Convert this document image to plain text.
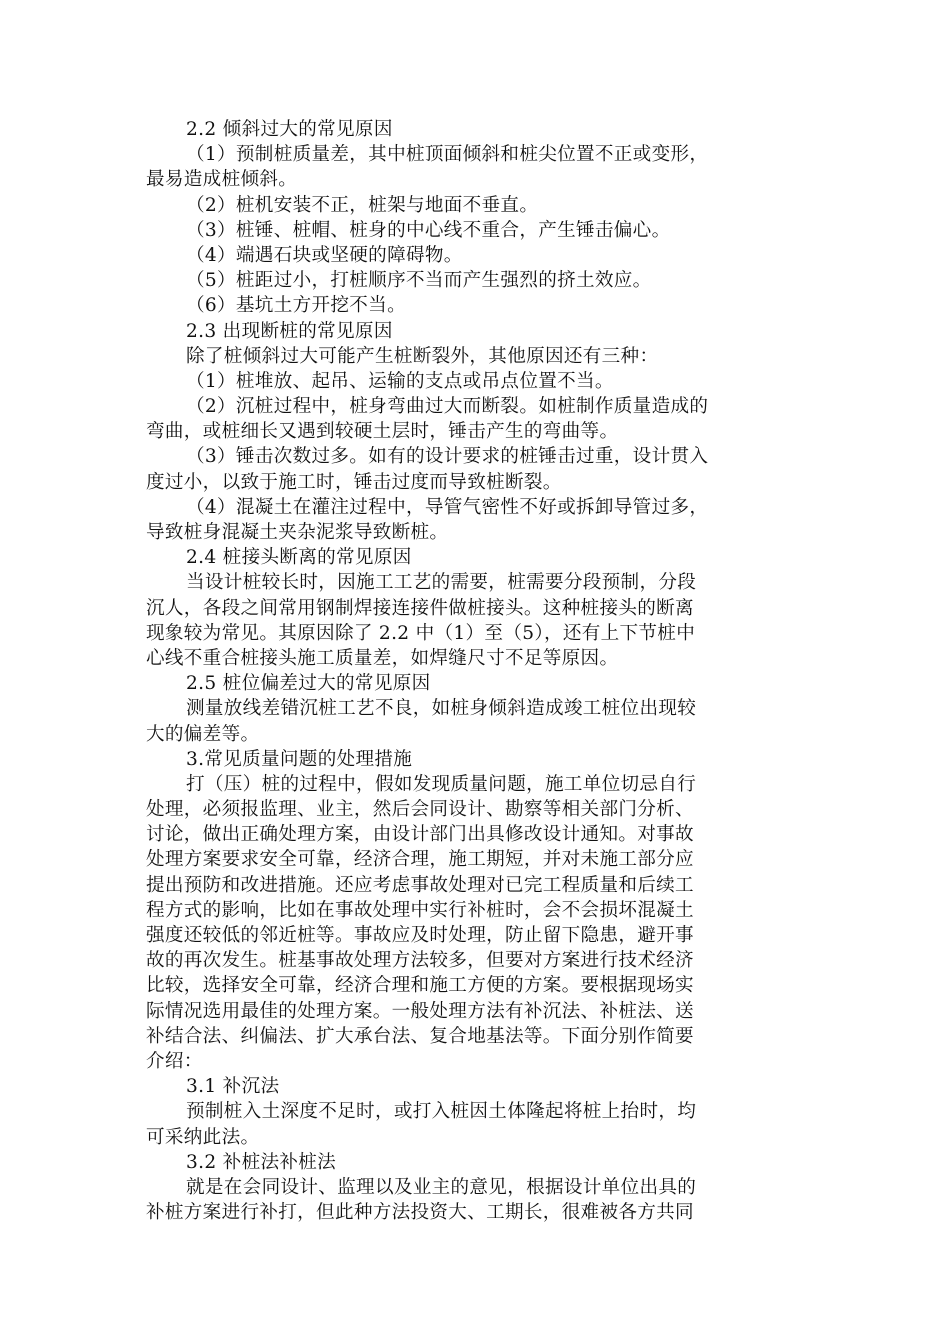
2.2 倾斜过大的常见原因
（1）预制桩质量差，其中桩顶面倾斜和桩尖位置不正或变形，
最易造成桩倾斜。
（2）桩机安装不正，桩架与地面不垂直。
（3）桩锤、桩帽、桩身的中心线不重合，产生锤击偏心。
（4）端遇石块或坚硬的障碍物。
（5）桩距过小，打桩顺序不当而产生强烈的挤土效应。
（6）基坑土方开挖不当。
2.3 出现断桩的常见原因
除了桩倾斜过大可能产生桩断裂外，其他原因还有三种：
（1）桩堆放、起吊、运输的支点或吊点位置不当。
（2）沉桩过程中，桩身弯曲过大而断裂。如桩制作质量造成的
弯曲，或桩细长又遇到较硬土层时，锤击产生的弯曲等。
（3）锤击次数过多。如有的设计要求的桩锤击过重，设计贯入
度过小，以致于施工时，锤击过度而导致桩断裂。
（4）混凝土在灌注过程中，导管气密性不好或拆卸导管过多，
导致桩身混凝土夹杂泥浆导致断桩。
2.4 桩接头断离的常见原因
当设计桩较长时，因施工工艺的需要，桩需要分段预制，分段
沉人，各段之间常用钢制焊接连接件做桩接头。这种桩接头的断离
现象较为常见。其原因除了 2.2 中（1）至（5），还有上下节桩中
心线不重合桩接头施工质量差，如焊缝尺寸不足等原因。
2.5 桩位偏差过大的常见原因
测量放线差错沉桩工艺不良，如桩身倾斜造成竣工桩位出现较
大的偏差等。
3.常见质量问题的处理措施
打（压）桩的过程中，假如发现质量问题，施工单位切忌自行
处理，必须报监理、业主，然后会同设计、勘察等相关部门分析、
讨论，做出正确处理方案，由设计部门出具修改设计通知。对事故
处理方案要求安全可靠，经济合理，施工期短，并对未施工部分应
提出预防和改进措施。还应考虑事故处理对已完工程质量和后续工
程方式的影响，比如在事故处理中实行补桩时，会不会损坏混凝土
强度还较低的邻近桩等。事故应及时处理，防止留下隐患，避开事
故的再次发生。桩基事故处理方法较多，但要对方案进行技术经济
比较，选择安全可靠，经济合理和施工方便的方案。要根据现场实
际情况选用最佳的处理方案。一般处理方法有补沉法、补桩法、送
补结合法、纠偏法、扩大承台法、复合地基法等。下面分别作简要
介绍：
3.1 补沉法
预制桩入土深度不足时，或打入桩因土体隆起将桩上抬时，均
可采纳此法。
3.2 补桩法补桩法
就是在会同设计、监理以及业主的意见，根据设计单位出具的
补桩方案进行补打，但此种方法投资大、工期长，很难被各方共同
